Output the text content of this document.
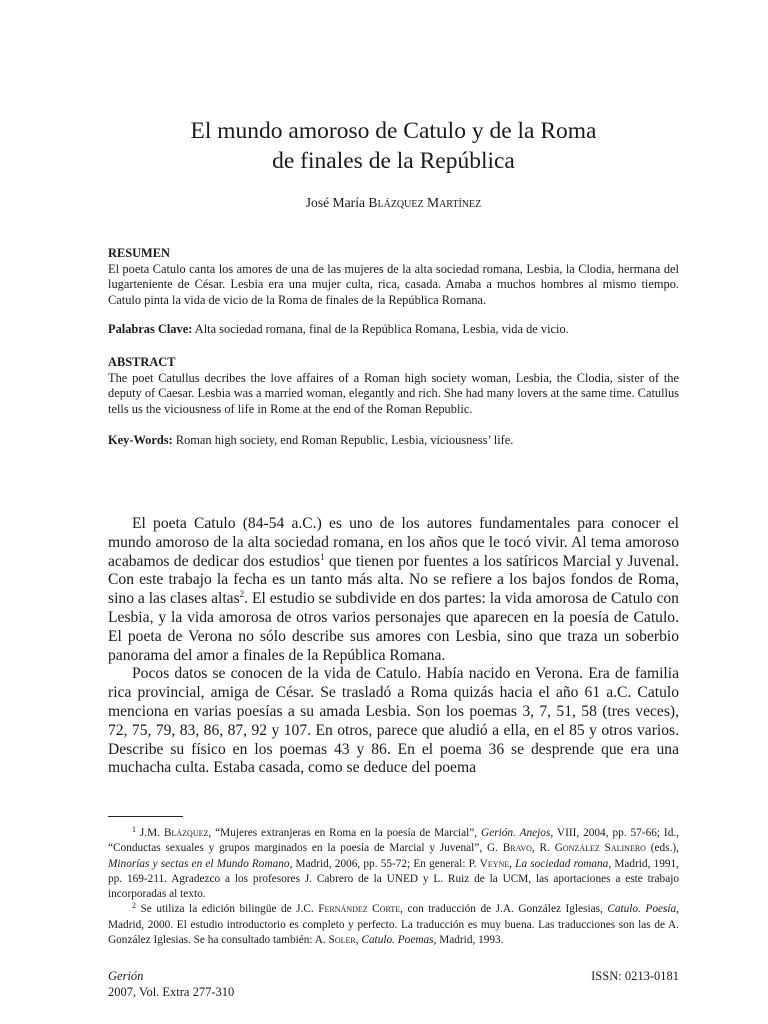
El mundo amoroso de Catulo y de la Roma
de finales de la República
José María Blázquez Martínez
RESUMEN
El poeta Catulo canta los amores de una de las mujeres de la alta sociedad romana, Lesbia, la Clodia, hermana del lugarteniente de César. Lesbia era una mujer culta, rica, casada. Amaba a muchos hombres al mismo tiempo. Catulo pinta la vida de vicio de la Roma de finales de la República Romana.
Palabras Clave: Alta sociedad romana, final de la República Romana, Lesbia, vida de vicio.
ABSTRACT
The poet Catullus decribes the love affaires of a Roman high society woman, Lesbia, the Clodia, sister of the deputy of Caesar. Lesbia was a married woman, elegantly and rich. She had many lovers at the same time. Catullus tells us the viciousness of life in Rome at the end of the Roman Republic.
Key-Words: Roman high society, end Roman Republic, Lesbia, viciousness’ life.

El poeta Catulo (84-54 a.C.) es uno de los autores fundamentales para conocer el mundo amoroso de la alta sociedad romana, en los años que le tocó vivir. Al tema amoroso acabamos de dedicar dos estudios$^1$ que tienen por fuentes a los satíricos Marcial y Juvenal. Con este trabajo la fecha es un tanto más alta. No se refiere a los bajos fondos de Roma, sino a las clases altas$^2$. El estudio se subdivide en dos partes: la vida amorosa de Catulo con Lesbia, y la vida amorosa de otros varios personajes que aparecen en la poesía de Catulo. El poeta de Verona no sólo describe sus amores con Lesbia, sino que traza un soberbio panorama del amor a finales de la República Romana.

Pocos datos se conocen de la vida de Catulo. Había nacido en Verona. Era de familia rica provincial, amiga de César. Se trasladó a Roma quizás hacia el año 61 a.C. Catulo menciona en varias poesías a su amada Lesbia. Son los poemas 3, 7, 51, 58 (tres veces), 72, 75, 79, 83, 86, 87, 92 y 107. En otros, parece que aludió a ella, en el 85 y otros varios. Describe su físico en los poemas 43 y 86. En el poema 36 se desprende que era una muchacha culta. Estaba casada, como se deduce del poema

$^1$ J.M. Blázquez, “Mujeres extranjeras en Roma en la poesía de Marcial”, Gerión. Anejos, VIII, 2004, pp. 57-66; Id., “Conductas sexuales y grupos marginados en la poesía de Marcial y Juvenal”, G. Bravo, R. González Salinero (eds.), Minorías y sectas en el Mundo Romano, Madrid, 2006, pp. 55-72; En general: P. Veyne, La sociedad romana, Madrid, 1991, pp. 169-211. Agradezco a los profesores J. Cabrero de la UNED y L. Ruiz de la UCM, las aportaciones a este trabajo incorporadas al texto.

$^2$ Se utiliza la edición bilingüe de J.C. Fernández Corte, con traducción de J.A. González Iglesias, Catulo. Poesía, Madrid, 2000. El estudio introductorio es completo y perfecto. La traducción es muy buena. Las traducciones son las de A. González Iglesias. Se ha consultado también: A. Soler, Catulo. Poemas, Madrid, 1993.

Gerión
2007, Vol. Extra 277-310
ISSN: 0213-0181
